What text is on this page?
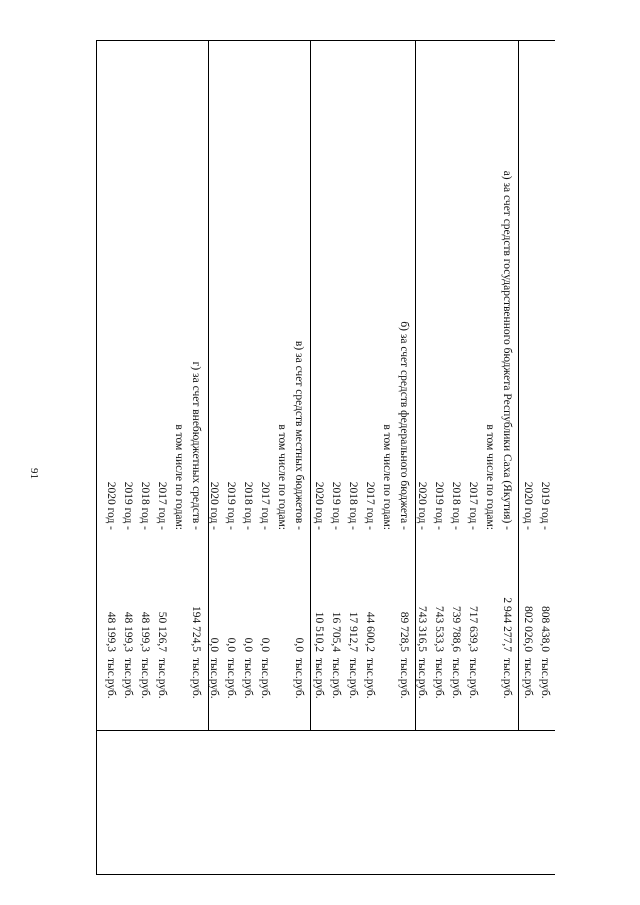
91
2019 год -
808 438,0
тыс.руб.
2020 год -
802 026,0
тыс.руб.
а) за счет средств государственного бюджета Республики Саха (Якутия) -
2 944 277,7
тыс.руб.
в том числе по годам:
2017 год -
717 639,3
тыс.руб.
2018 год -
739 788,6
тыс.руб.
2019 год -
743 533,3
тыс.руб.
2020 год -
743 316,5
тыс.руб.
б) за счет средств федерального бюджета -
89 728,5
тыс.руб.
в том числе по годам:
2017 год -
44 600,2
тыс.руб.
2018 год -
17 912,7
тыс.руб.
2019 год -
16 705,4
тыс.руб.
2020 год -
10 510,2
тыс.руб.
в) за счет средств местных бюджетов -
0,0
тыс.руб.
в том числе по годам:
2017 год -
0,0
тыс.руб.
2018 год -
0,0
тыс.руб.
2019 год -
0,0
тыс.руб.
2020 год -
0,0
тыс.руб.
г) за счет внебюджетных средств -
194 724,5
тыс.руб.
в том числе по годам:
2017 год -
50 126,7
тыс.руб.
2018 год -
48 199,3
тыс.руб.
2019 год -
48 199,3
тыс.руб.
2020 год -
48 199,3
тыс.руб.
